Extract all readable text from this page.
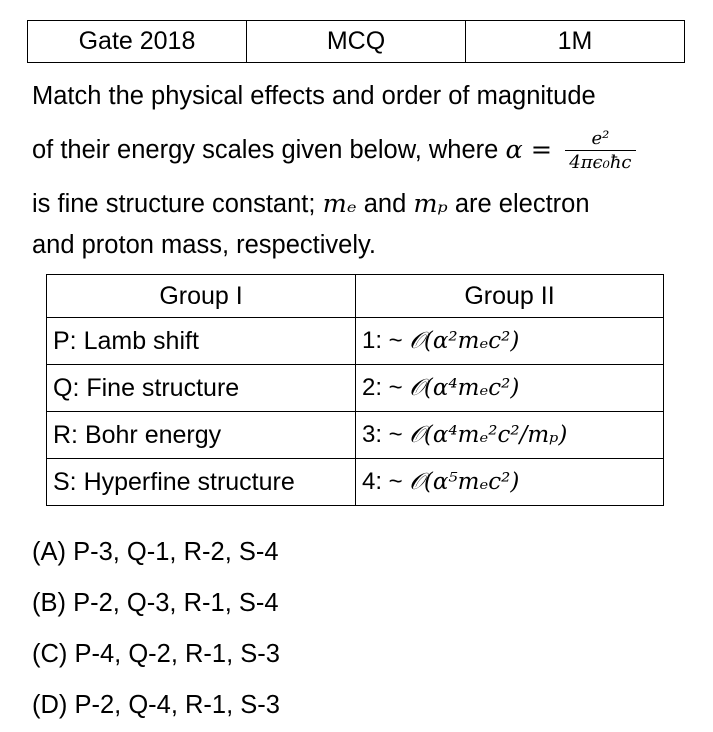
Gate 2018	MCQ	1M
Match the physical effects and order of magnitude
of their energy scales given below, where $\alpha = \frac{\text{e²}}{\text{4πϵ₀ħc}}$
is fine structure constant; mₑ and mₚ are electron
and proton mass, respectively.
Group I	Group II
P: Lamb shift	1: ~ 𝒪(α²mₑc²)
Q: Fine structure	2: ~ 𝒪(α⁴mₑc²)
R: Bohr energy	3: ~ 𝒪(α⁴mₑ²c²/mₚ)
S: Hyperfine structure	4: ~ 𝒪(α⁵mₑc²)
(A) P-3, Q-1, R-2, S-4
(B) P-2, Q-3, R-1, S-4
(C) P-4, Q-2, R-1, S-3
(D) P-2, Q-4, R-1, S-3
